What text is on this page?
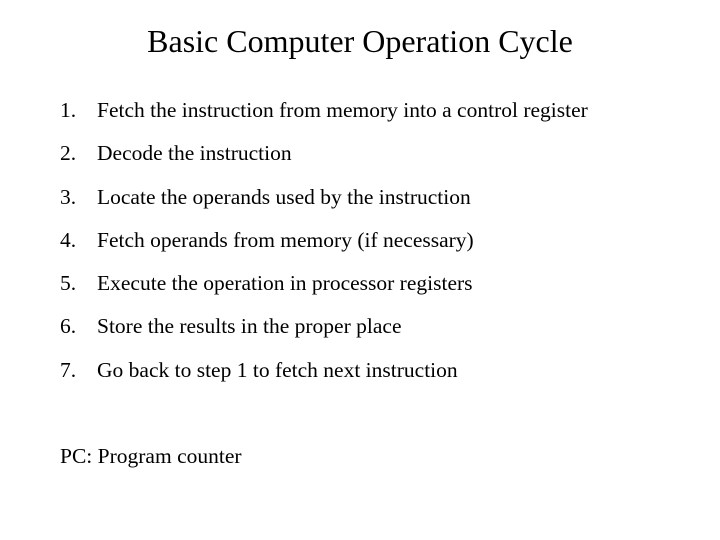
Basic Computer Operation Cycle
1. Fetch the instruction from memory into a control register
2. Decode the instruction
3. Locate the operands used by the instruction
4. Fetch operands from memory (if necessary)
5. Execute the operation in processor registers
6. Store the results in the proper place
7. Go back to step 1 to fetch next instruction
PC: Program counter
